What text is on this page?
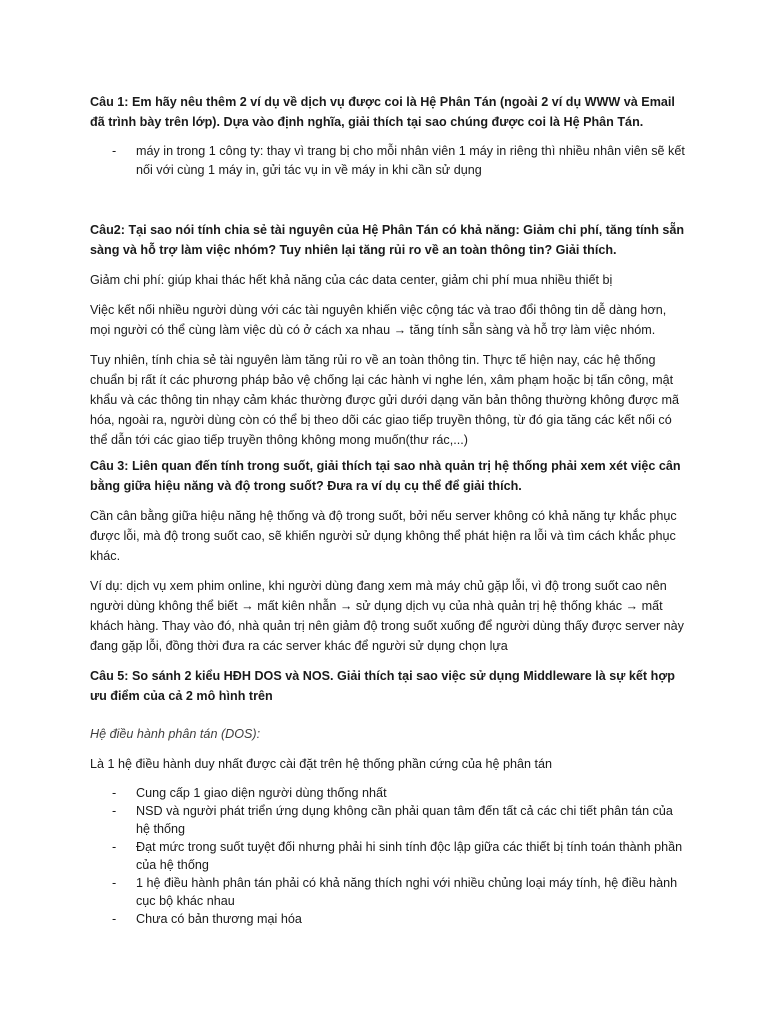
Câu 1: Em hãy nêu thêm 2 ví dụ về dịch vụ được coi là Hệ Phân Tán (ngoài 2 ví dụ WWW và Email đã trình bày trên lớp). Dựa vào định nghĩa, giải thích tại sao chúng được coi là Hệ Phân Tán.

- máy in trong 1 công ty: thay vì trang bị cho mỗi nhân viên 1 máy in riêng thì nhiều nhân viên sẽ kết nối với cùng 1 máy in, gửi tác vụ in về máy in khi cần sử dụng

Câu2: Tại sao nói tính chia sẻ tài nguyên của Hệ Phân Tán có khả năng: Giảm chi phí, tăng tính sẵn sàng và hỗ trợ làm việc nhóm? Tuy nhiên lại tăng rủi ro về an toàn thông tin? Giải thích.

Giảm chi phí: giúp khai thác hết khả năng của các data center, giảm chi phí mua nhiều thiết bị

Việc kết nối nhiều người dùng với các tài nguyên khiến việc cộng tác và trao đổi thông tin dễ dàng hơn, mọi người có thể cùng làm việc dù có ở cách xa nhau → tăng tính sẵn sàng và hỗ trợ làm việc nhóm.

Tuy nhiên, tính chia sẻ tài nguyên làm tăng rủi ro về an toàn thông tin. Thực tế hiện nay, các hệ thống chuẩn bị rất ít các phương pháp bảo vệ chống lại các hành vi nghe lén, xâm phạm hoặc bị tấn công, mật khẩu và các thông tin nhạy cảm khác thường được gửi dưới dạng văn bản thông thường không được mã hóa, ngoài ra, người dùng còn có thể bị theo dõi các giao tiếp truyền thông, từ đó gia tăng các kết nối có thể dẫn tới các giao tiếp truyền thông không mong muốn(thư rác,...)

Câu 3: Liên quan đến tính trong suốt, giải thích tại sao nhà quản trị hệ thống phải xem xét việc cân bằng giữa hiệu năng và độ trong suốt? Đưa ra ví dụ cụ thể để giải thích.

Cần cân bằng giữa hiệu năng hệ thống và độ trong suốt, bởi nếu server không có khả năng tự khắc phục được lỗi, mà độ trong suốt cao, sẽ khiến người sử dụng không thể phát hiện ra lỗi và tìm cách khắc phục khác.

Ví dụ: dịch vụ xem phim online, khi người dùng đang xem mà máy chủ gặp lỗi, vì độ trong suốt cao nên người dùng không thể biết → mất kiên nhẫn → sử dụng dịch vụ của nhà quản trị hệ thống khác → mất khách hàng. Thay vào đó, nhà quản trị nên giảm độ trong suốt xuống để người dùng thấy được server này đang gặp lỗi, đồng thời đưa ra các server khác để người sử dụng chọn lựa

Câu 5: So sánh 2 kiểu HĐH DOS và NOS. Giải thích tại sao việc sử dụng Middleware là sự kết hợp ưu điểm của cả 2 mô hình trên

Hệ điều hành phân tán (DOS):

Là 1 hệ điều hành duy nhất được cài đặt trên hệ thống phần cứng của hệ phân tán

- Cung cấp 1 giao diện người dùng thống nhất
- NSD và người phát triển ứng dụng không cần phải quan tâm đến tất cả các chi tiết phân tán của hệ thống
- Đạt mức trong suốt tuyệt đối nhưng phải hi sinh tính độc lập giữa các thiết bị tính toán thành phần của hệ thống
- 1 hệ điều hành phân tán phải có khả năng thích nghi với nhiều chủng loại máy tính, hệ điều hành cục bộ khác nhau
- Chưa có bản thương mại hóa
